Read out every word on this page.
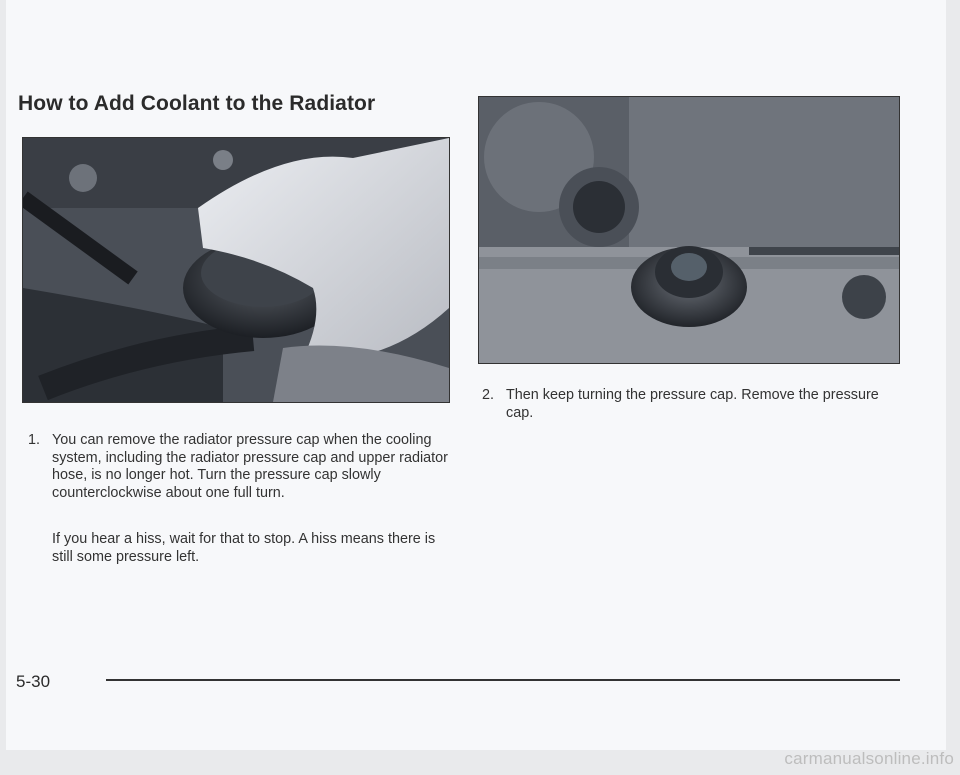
How to Add Coolant to the Radiator
1. You can remove the radiator pressure cap when the cooling system, including the radiator pressure cap and upper radiator hose, is no longer hot. Turn the pressure cap slowly counterclockwise about one full turn.

If you hear a hiss, wait for that to stop. A hiss means there is still some pressure left.

2. Then keep turning the pressure cap. Remove the pressure cap.
5-30
carmanualsonline.info
